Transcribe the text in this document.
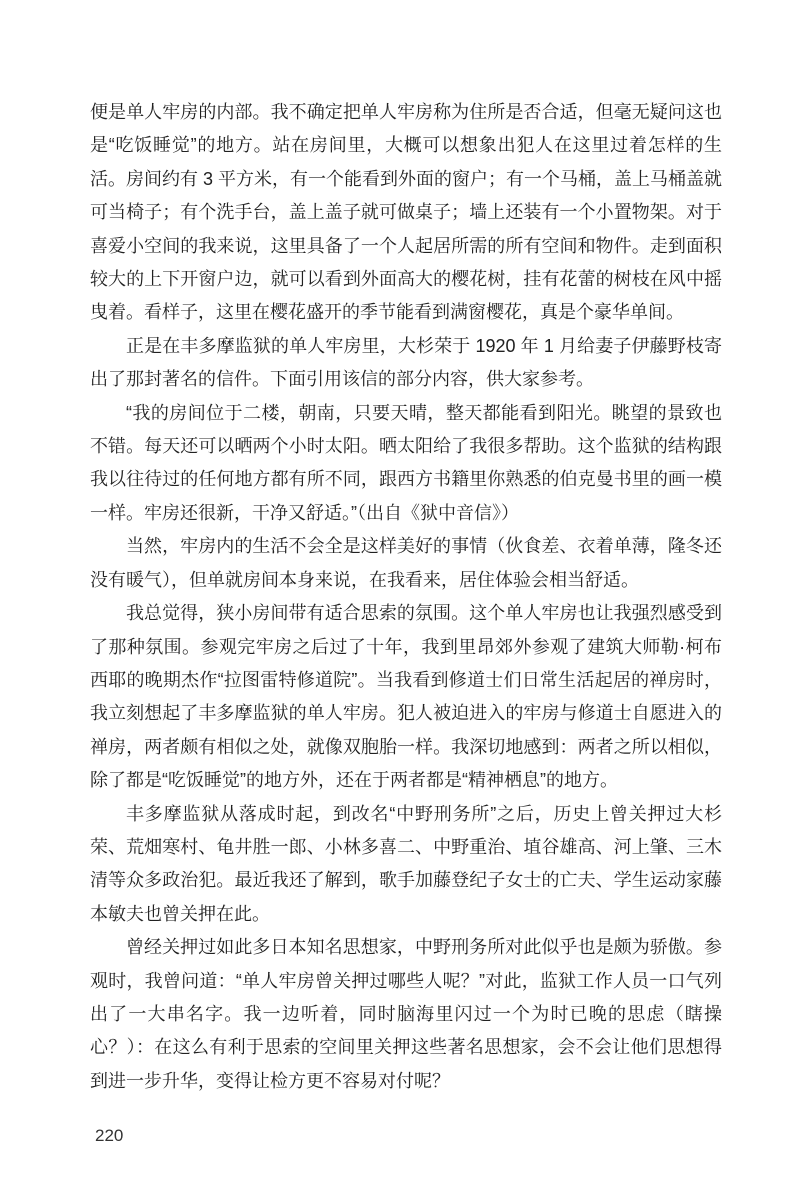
便是单人牢房的内部。我不确定把单人牢房称为住所是否合适，但毫无疑问这也是“吃饭睡觉”的地方。站在房间里，大概可以想象出犯人在这里过着怎样的生活。房间约有 3 平方米，有一个能看到外面的窗户；有一个马桶，盖上马桶盖就可当椅子；有个洗手台，盖上盖子就可做桌子；墙上还装有一个小置物架。对于喜爱小空间的我来说，这里具备了一个人起居所需的所有空间和物件。走到面积较大的上下开窗户边，就可以看到外面高大的樱花树，挂有花蕾的树枝在风中摇曳着。看样子，这里在樱花盛开的季节能看到满窗樱花，真是个豪华单间。

正是在丰多摩监狱的单人牢房里，大杉荣于 1920 年 1 月给妻子伊藤野枝寄出了那封著名的信件。下面引用该信的部分内容，供大家参考。

“我的房间位于二楼，朝南，只要天晴，整天都能看到阳光。眺望的景致也不错。每天还可以晒两个小时太阳。晒太阳给了我很多帮助。这个监狱的结构跟我以往待过的任何地方都有所不同，跟西方书籍里你熟悉的伯克曼书里的画一模一样。牢房还很新，干净又舒适。”（出自《狱中音信》）

当然，牢房内的生活不会全是这样美好的事情（伙食差、衣着单薄，隆冬还没有暖气），但单就房间本身来说，在我看来，居住体验会相当舒适。

我总觉得，狭小房间带有适合思索的氛围。这个单人牢房也让我强烈感受到了那种氛围。参观完牢房之后过了十年，我到里昂郊外参观了建筑大师勒·柯布西耶的晚期杰作“拉图雷特修道院”。当我看到修道士们日常生活起居的禅房时，我立刻想起了丰多摩监狱的单人牢房。犯人被迫进入的牢房与修道士自愿进入的禅房，两者颇有相似之处，就像双胞胎一样。我深切地感到：两者之所以相似，除了都是“吃饭睡觉”的地方外，还在于两者都是“精神栖息”的地方。

丰多摩监狱从落成时起，到改名“中野刑务所”之后，历史上曾关押过大杉荣、荒畑寒村、龟井胜一郎、小林多喜二、中野重治、埴谷雄高、河上肇、三木清等众多政治犯。最近我还了解到，歌手加藤登纪子女士的亡夫、学生运动家藤本敏夫也曾关押在此。

曾经关押过如此多日本知名思想家，中野刑务所对此似乎也是颇为骄傲。参观时，我曾问道：“单人牢房曾关押过哪些人呢？”对此，监狱工作人员一口气列出了一大串名字。我一边听着，同时脑海里闪过一个为时已晚的思虑（瞎操心？）：在这么有利于思索的空间里关押这些著名思想家，会不会让他们思想得到进一步升华，变得让检方更不容易对付呢？

220
